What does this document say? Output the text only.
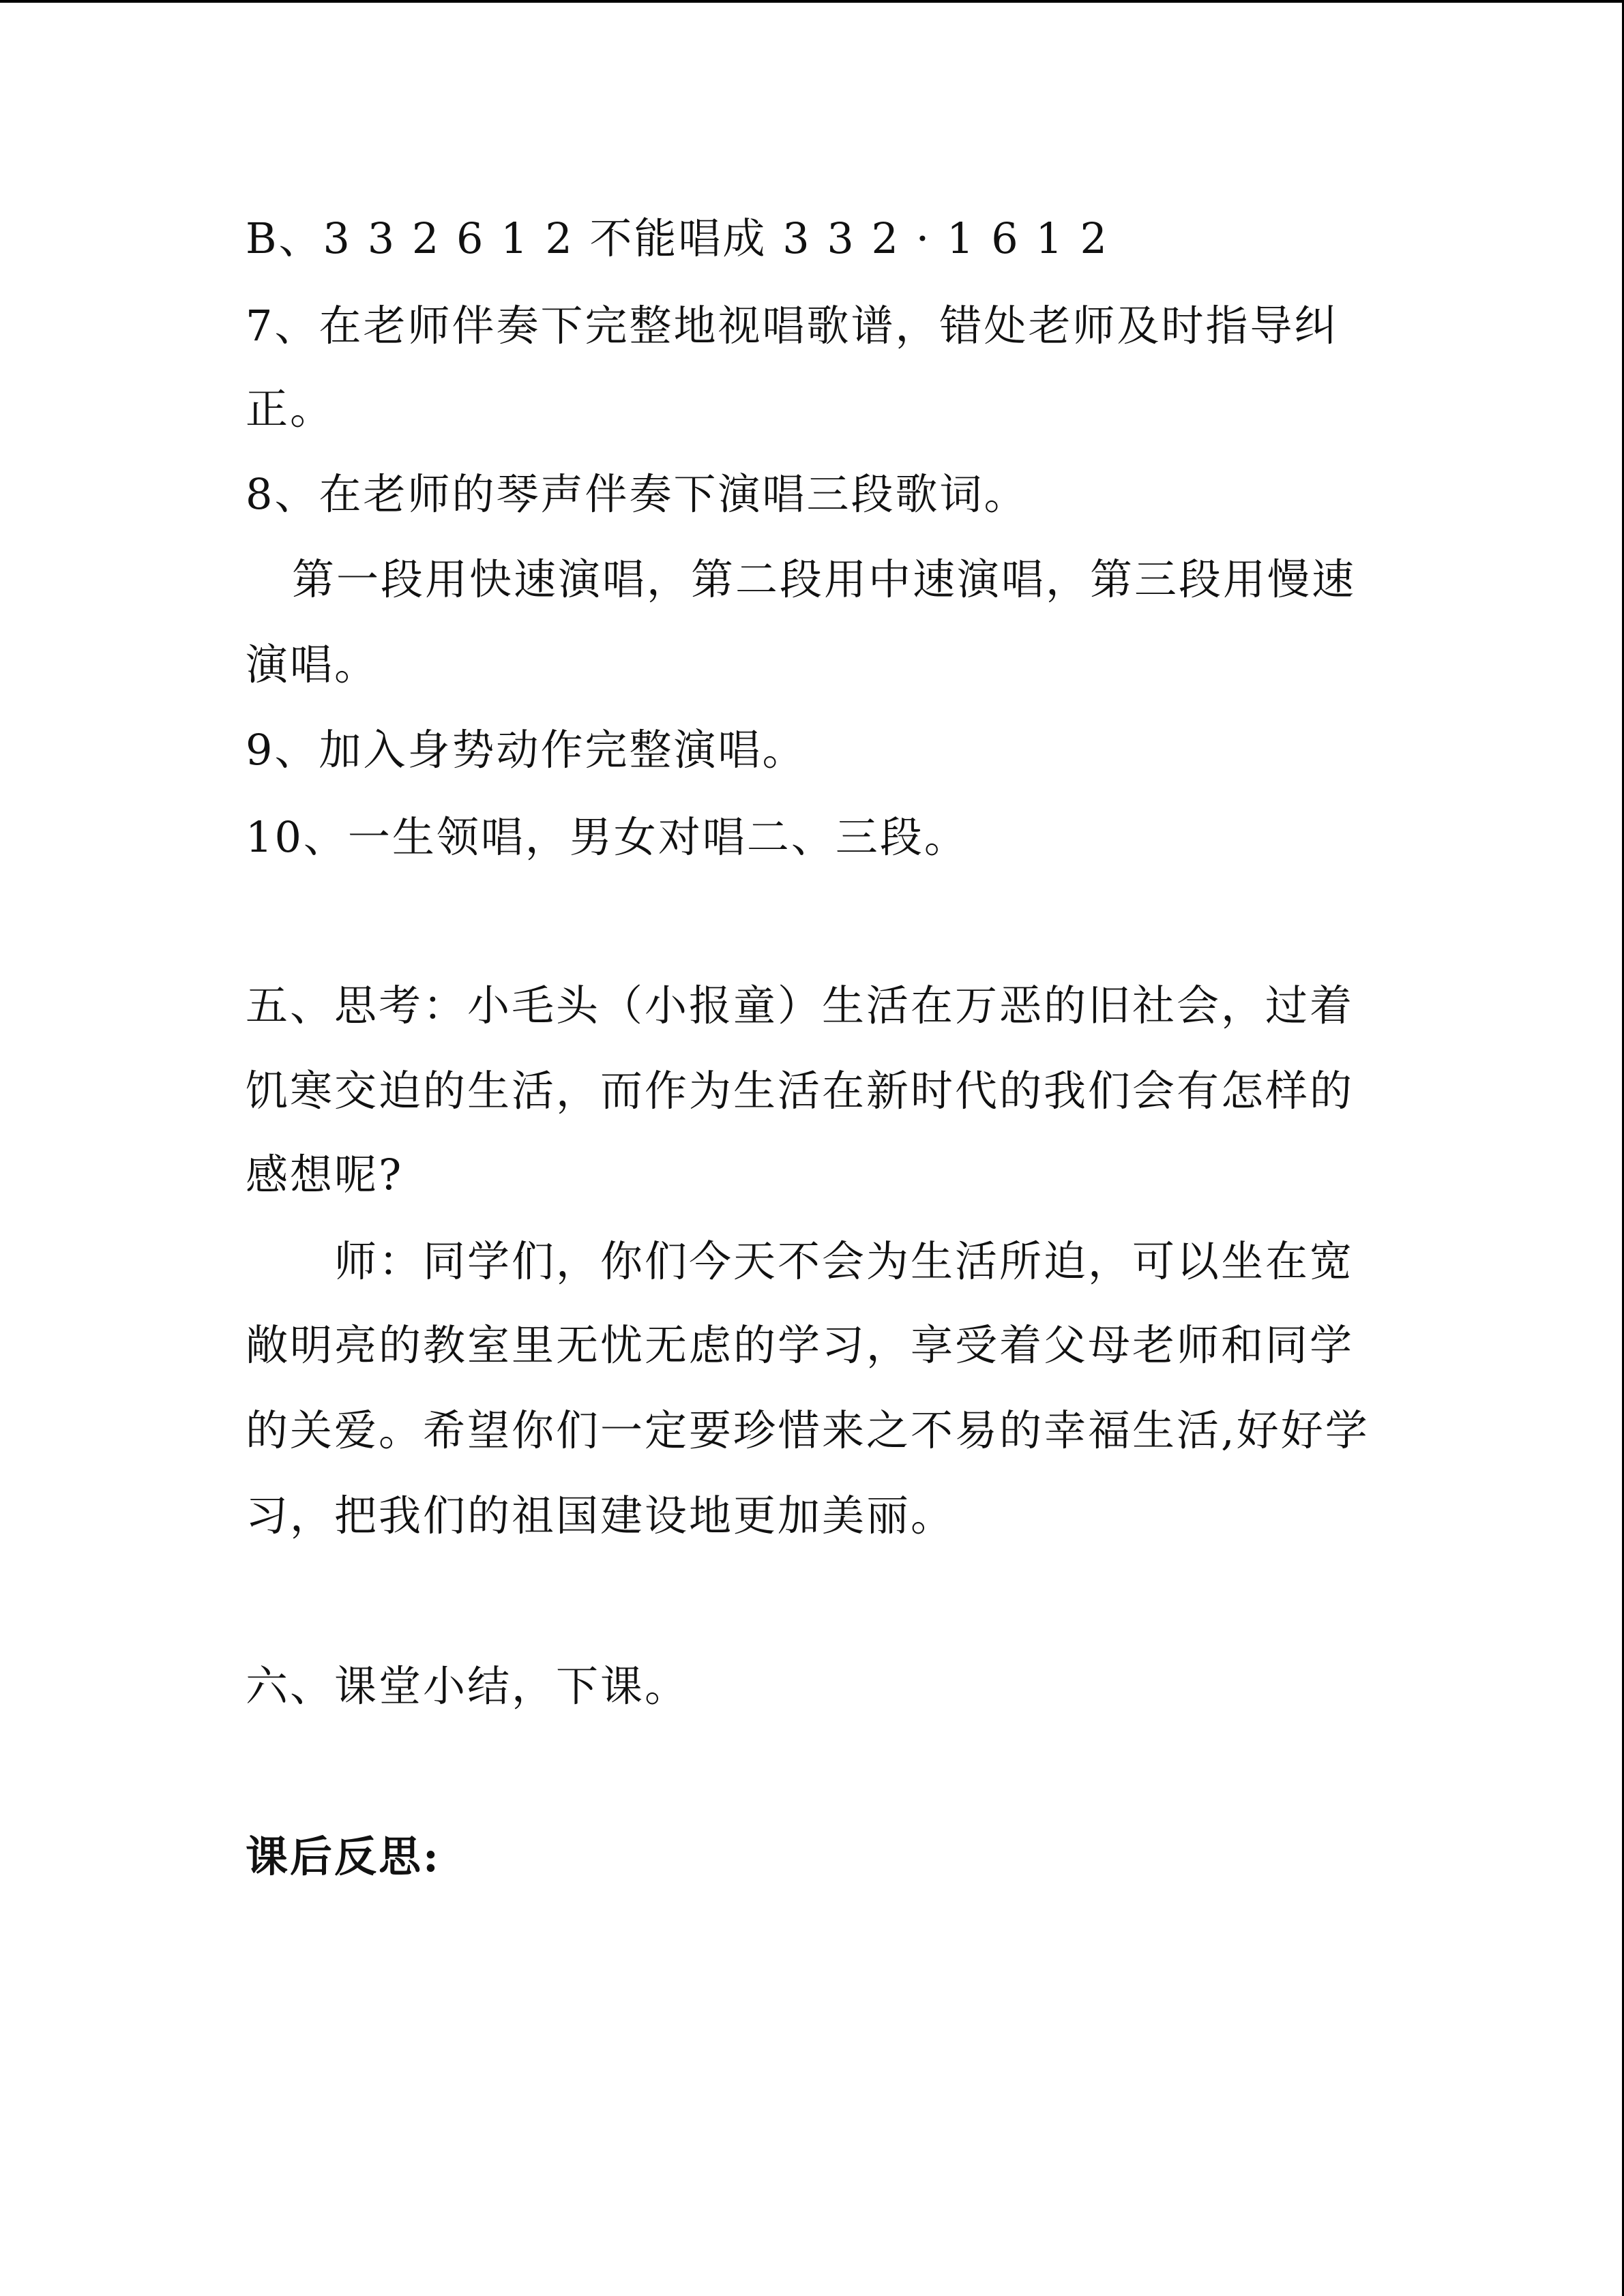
B、3 3 2 6 1 2 不能唱成 3 3 2 · 1 6 1 2
7、在老师伴奏下完整地视唱歌谱，错处老师及时指导纠
正。
8、在老师的琴声伴奏下演唱三段歌词。
第一段用快速演唱，第二段用中速演唱，第三段用慢速
演唱。
9、加入身势动作完整演唱。
10、一生领唱，男女对唱二、三段。
五、思考：小毛头（小报童）生活在万恶的旧社会，过着
饥寒交迫的生活，而作为生活在新时代的我们会有怎样的
感想呢?
师：同学们，你们今天不会为生活所迫，可以坐在宽
敞明亮的教室里无忧无虑的学习，享受着父母老师和同学
的关爱。希望你们一定要珍惜来之不易的幸福生活,好好学
习，把我们的祖国建设地更加美丽。
六、课堂小结，下课。
课后反思:
